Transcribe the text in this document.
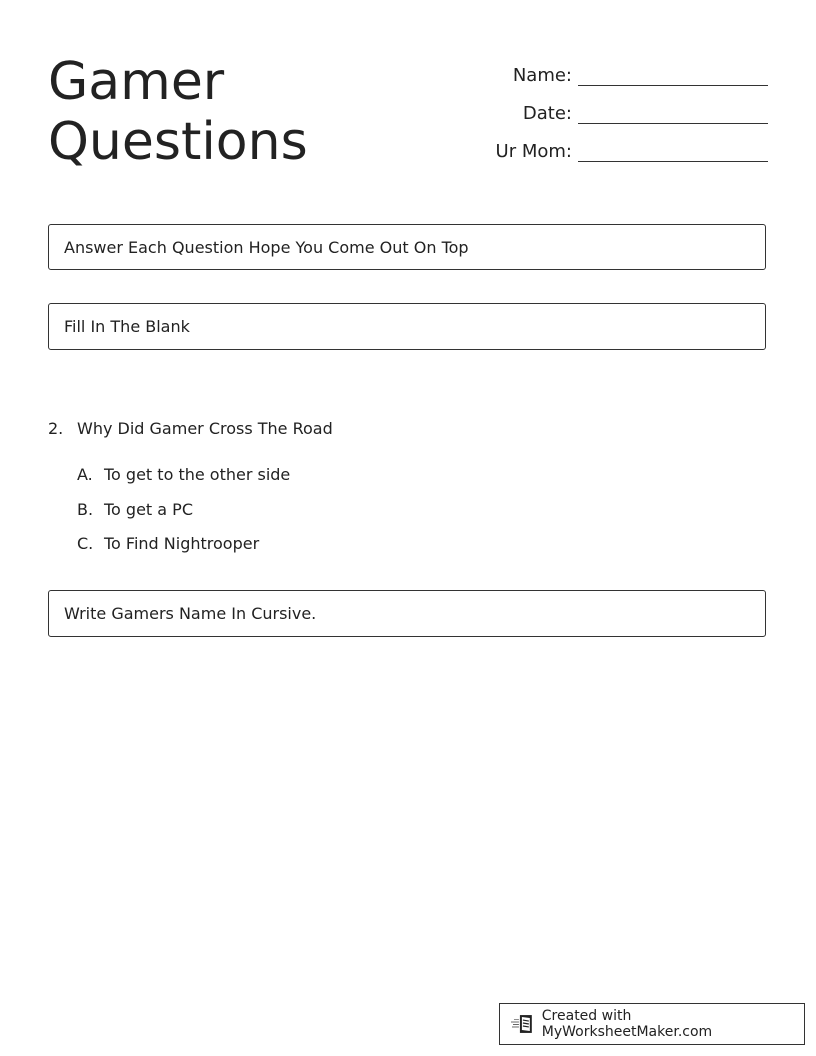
Gamer
Questions
Name:
Date:
Ur Mom:
Answer Each Question Hope You Come Out On Top
Fill In The Blank
2. Why Did Gamer Cross The Road
A. To get to the other side
B. To get a PC
C. To Find Nightrooper
Write Gamers Name In Cursive.
Created with MyWorksheetMaker.com
